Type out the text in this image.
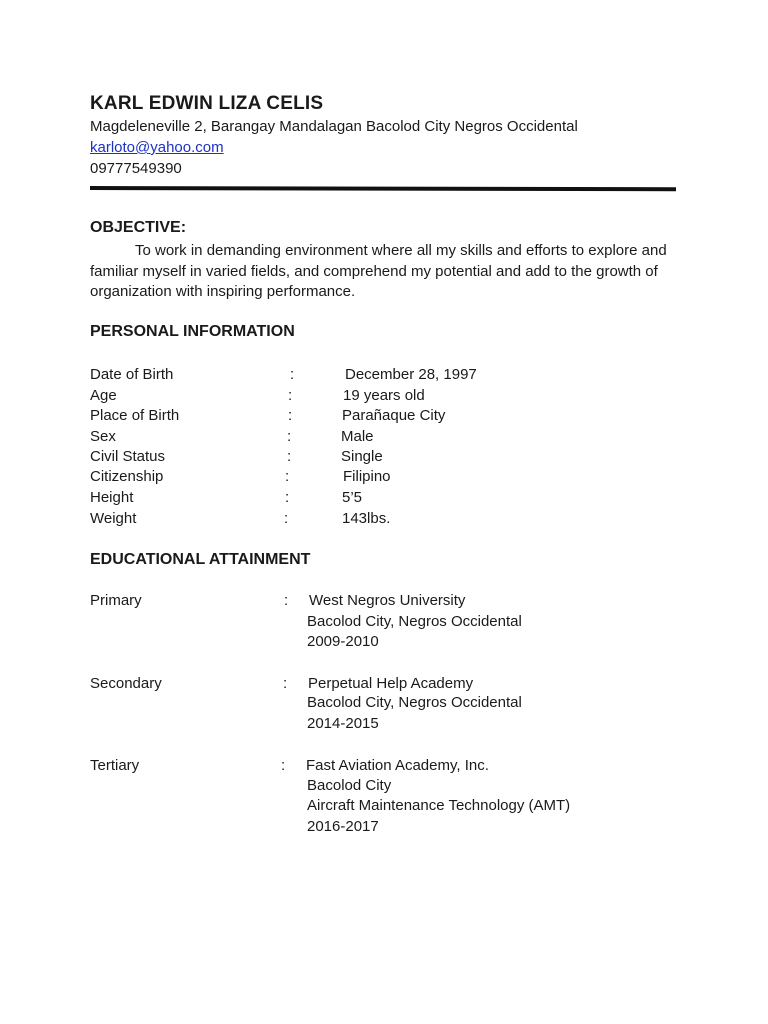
KARL EDWIN LIZA CELIS
Magdeleneville 2, Barangay Mandalagan Bacolod City Negros Occidental
karloto@yahoo.com
09777549390
OBJECTIVE:
To work in demanding environment where all my skills and efforts to explore and
familiar myself in varied fields, and comprehend my potential and add to the growth of
organization with inspiring performance.
PERSONAL INFORMATION
Date of Birth	:	December 28, 1997
Age	:	19 years old
Place of Birth	:	Parañaque City
Sex	:	Male
Civil Status	:	Single
Citizenship	:	Filipino
Height	:	5’5
Weight	:	143lbs.
EDUCATIONAL ATTAINMENT
Primary	: West Negros University
Bacolod City, Negros Occidental
2009-2010
Secondary	: Perpetual Help Academy
Bacolod City, Negros Occidental
2014-2015
Tertiary	: Fast Aviation Academy, Inc.
Bacolod City
Aircraft Maintenance Technology (AMT)
2016-2017
